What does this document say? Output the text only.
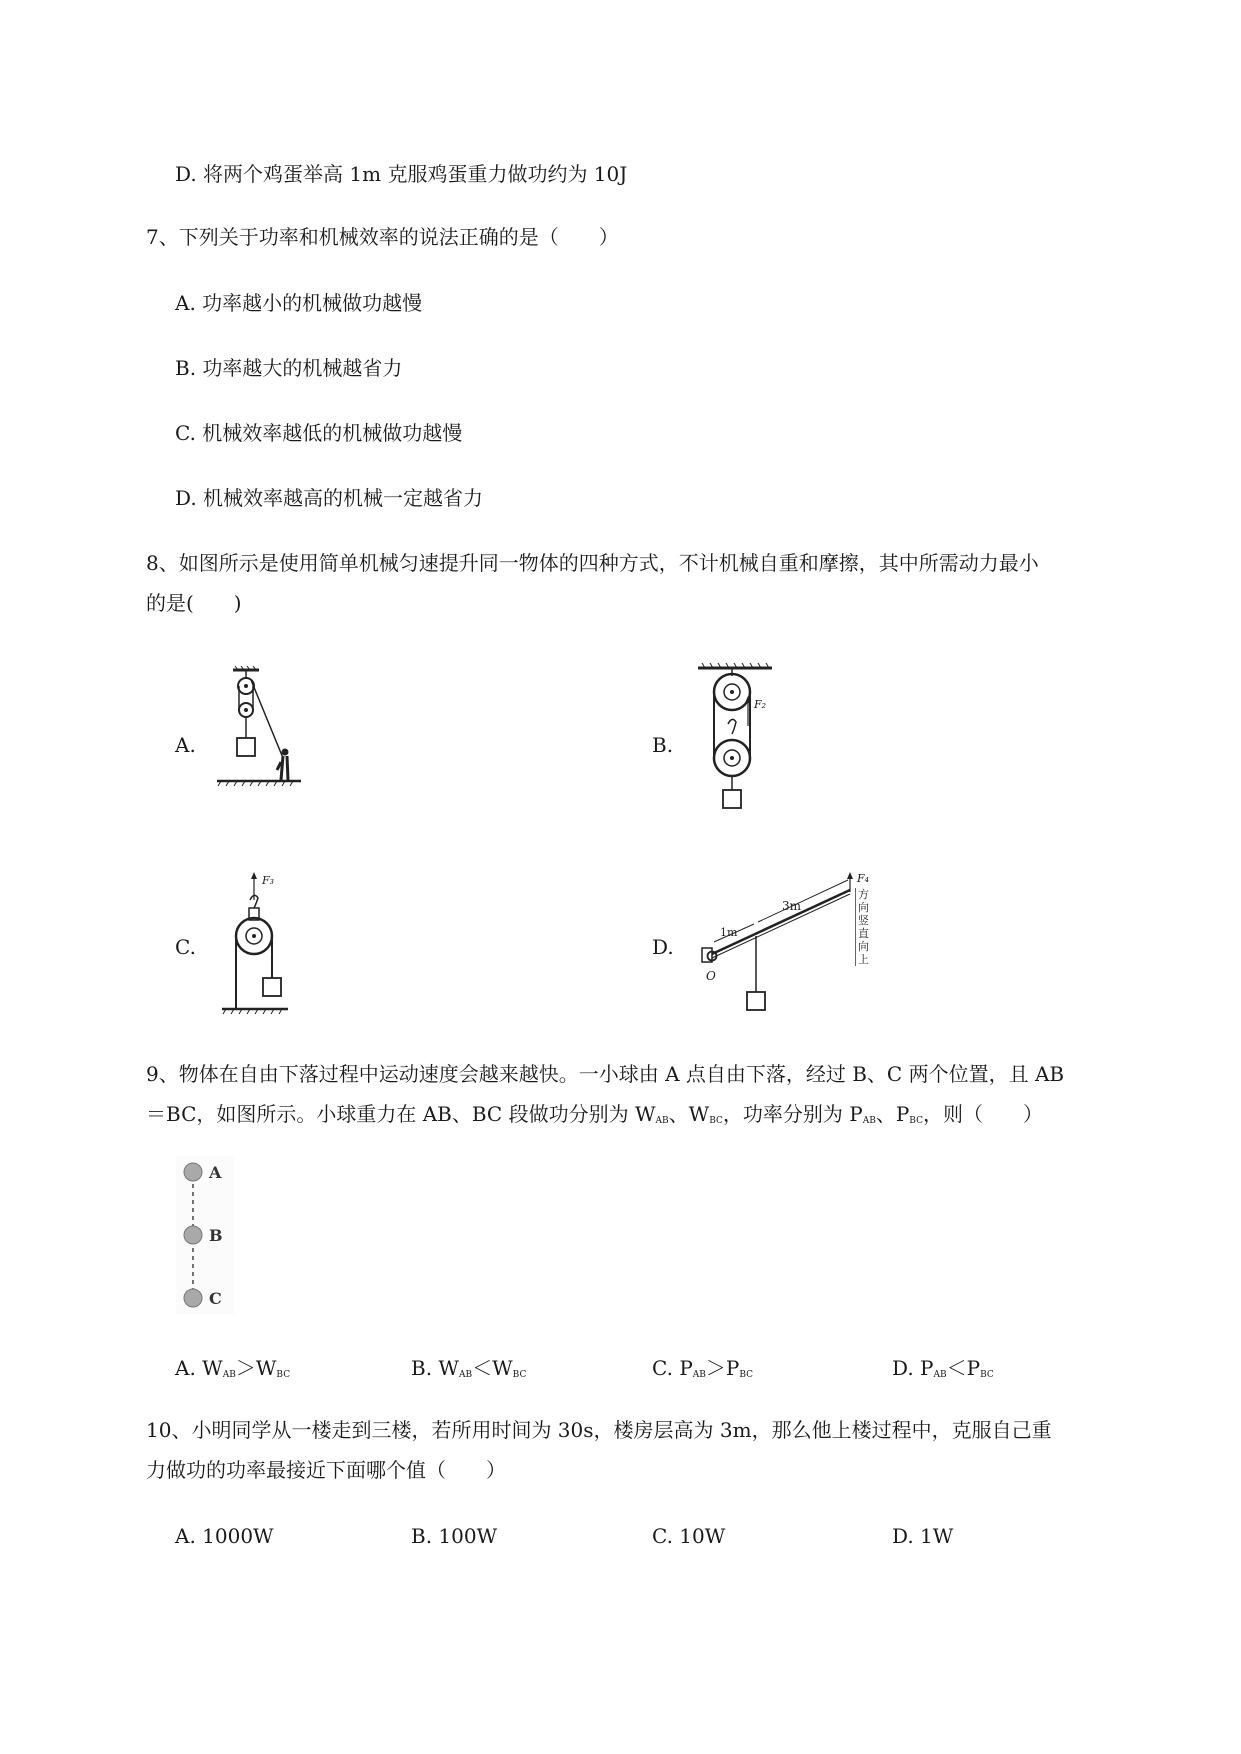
D. 将两个鸡蛋举高 1m 克服鸡蛋重力做功约为 10J
7、下列关于功率和机械效率的说法正确的是（　　）
A. 功率越小的机械做功越慢
B. 功率越大的机械越省力
C. 机械效率越低的机械做功越慢
D. 机械效率越高的机械一定越省力
8、如图所示是使用简单机械匀速提升同一物体的四种方式，不计机械自重和摩擦，其中所需动力最小
的是(　　)
A.	B.
C.	D.
F₂
F₃
O
1m
3m
F₄
方向竖直向上
9、物体在自由下落过程中运动速度会越来越快。一小球由 A 点自由下落，经过 B、C 两个位置，且 AB
＝BC，如图所示。小球重力在 AB、BC 段做功分别为 $W_{AB}$、$W_{BC}$，功率分别为 $P_{AB}$、$P_{BC}$，则（　　）
A
B
C
A. $W_{AB}>W_{BC}$	B. $W_{AB}<W_{BC}$	C. $P_{AB}>P_{BC}$	D. $P_{AB}<P_{BC}$
10、小明同学从一楼走到三楼，若所用时间为 30s，楼房层高为 3m，那么他上楼过程中，克服自己重
力做功的功率最接近下面哪个值（　　）
A. 1000W	B. 100W	C. 10W	D. 1W
